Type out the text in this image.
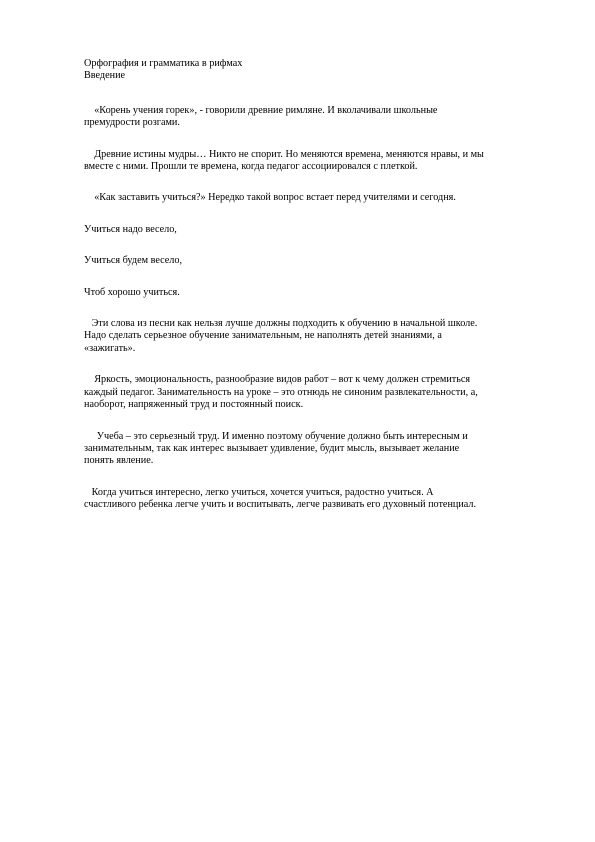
Орфография и грамматика в рифмах
Введение
«Корень учения горек», - говорили древние римляне. И вколачивали школьные
премудрости розгами.
Древние истины мудры… Никто не спорит. Но меняются времена, меняются нравы, и мы
вместе с ними. Прошли те времена, когда педагог ассоциировался с плеткой.
«Как заставить учиться?» Нередко такой вопрос встает перед учителями и сегодня.
Учиться надо весело,
Учиться будем весело,
Чтоб хорошо учиться.
Эти слова из песни как нельзя лучше должны подходить к обучению в начальной школе.
Надо сделать серьезное обучение занимательным, не наполнять детей знаниями, а
«зажигать».
Яркость, эмоциональность, разнообразие видов работ – вот к чему должен стремиться
каждый педагог. Занимательность на уроке – это отнюдь не синоним развлекательности, а,
наоборот, напряженный труд и постоянный поиск.
Учеба – это серьезный труд. И именно поэтому обучение должно быть интересным и
занимательным, так как интерес вызывает удивление, будит мысль, вызывает желание
понять явление.
Когда учиться интересно, легко учиться, хочется учиться, радостно учиться. А
счастливого ребенка легче учить и воспитывать, легче развивать его духовный потенциал.
